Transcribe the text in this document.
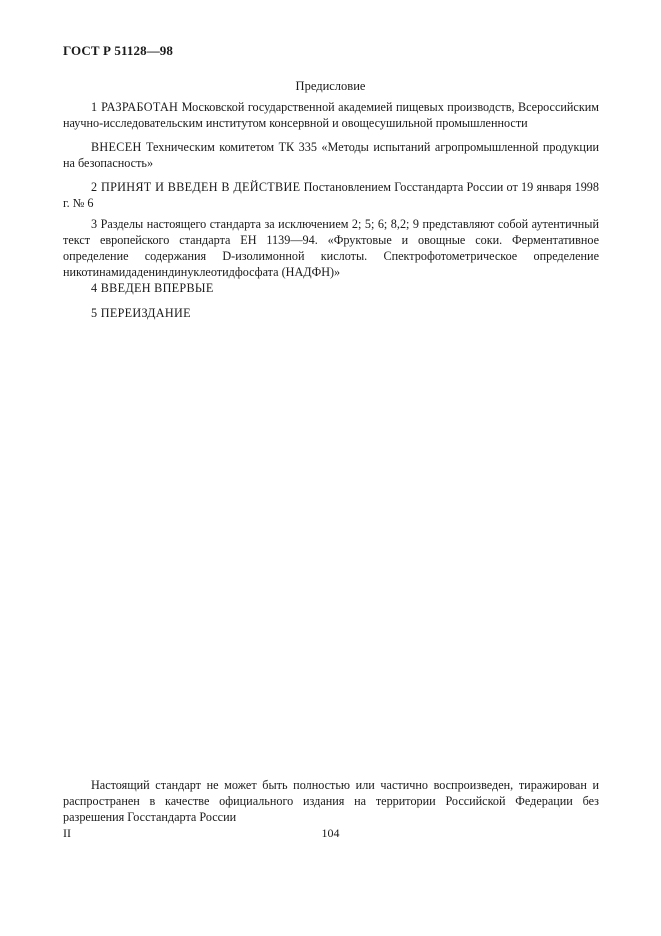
ГОСТ Р 51128—98
Предисловие
1 РАЗРАБОТАН Московской государственной академией пищевых производств, Всероссийским научно-исследовательским институтом консервной и овощесушильной промышленности
ВНЕСЕН Техническим комитетом ТК 335 «Методы испытаний агропромышленной продукции на безопасность»
2 ПРИНЯТ И ВВЕДЕН В ДЕЙСТВИЕ Постановлением Госстандарта России от 19 января 1998 г. № 6
3 Разделы настоящего стандарта за исключением 2; 5; 6; 8,2; 9 представляют собой аутентичный текст европейского стандарта ЕН 1139—94. «Фруктовые и овощные соки. Ферментативное определение содержания D-изолимонной кислоты. Спектрофотометрическое определение никотинамидадениндинуклеотидфосфата (НАДФН)»
4 ВВЕДЕН ВПЕРВЫЕ
5 ПЕРЕИЗДАНИЕ
Настоящий стандарт не может быть полностью или частично воспроизведен, тиражирован и распространен в качестве официального издания на территории Российской Федерации без разрешения Госстандарта России
II	104
